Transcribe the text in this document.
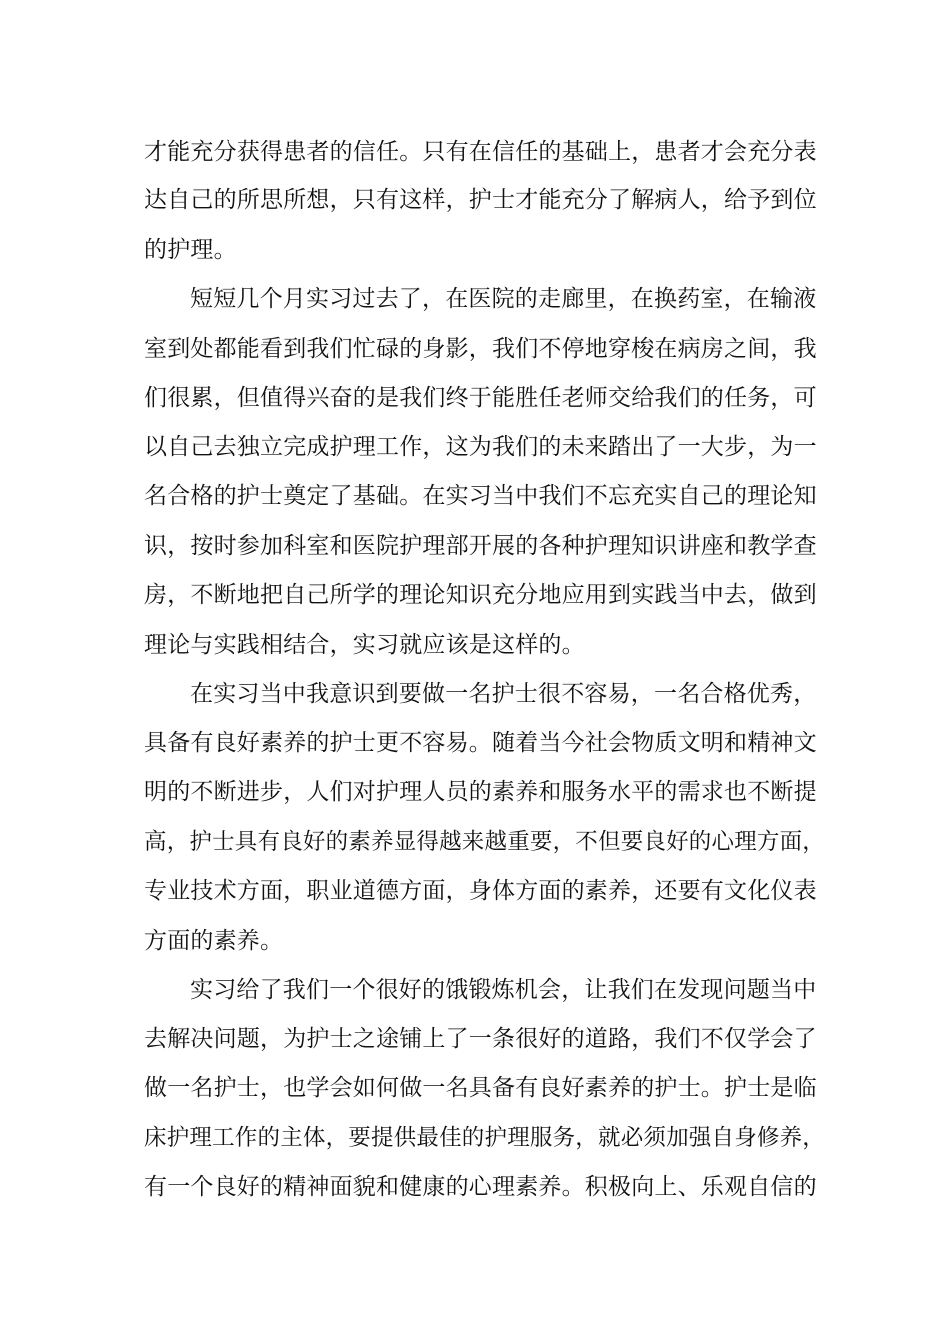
才能充分获得患者的信任。只有在信任的基础上，患者才会充分表
达自己的所思所想，只有这样，护士才能充分了解病人，给予到位
的护理。
短短几个月实习过去了，在医院的走廊里，在换药室，在输液
室到处都能看到我们忙碌的身影，我们不停地穿梭在病房之间，我
们很累，但值得兴奋的是我们终于能胜任老师交给我们的任务，可
以自己去独立完成护理工作，这为我们的未来踏出了一大步，为一
名合格的护士奠定了基础。在实习当中我们不忘充实自己的理论知
识，按时参加科室和医院护理部开展的各种护理知识讲座和教学查
房，不断地把自己所学的理论知识充分地应用到实践当中去，做到
理论与实践相结合，实习就应该是这样的。
在实习当中我意识到要做一名护士很不容易，一名合格优秀，
具备有良好素养的护士更不容易。随着当今社会物质文明和精神文
明的不断进步，人们对护理人员的素养和服务水平的需求也不断提
高，护士具有良好的素养显得越来越重要，不但要良好的心理方面，
专业技术方面，职业道德方面，身体方面的素养，还要有文化仪表
方面的素养。
实习给了我们一个很好的饿锻炼机会，让我们在发现问题当中
去解决问题，为护士之途铺上了一条很好的道路，我们不仅学会了
做一名护士，也学会如何做一名具备有良好素养的护士。护士是临
床护理工作的主体，要提供最佳的护理服务，就必须加强自身修养，
有一个良好的精神面貌和健康的心理素养。积极向上、乐观自信的
